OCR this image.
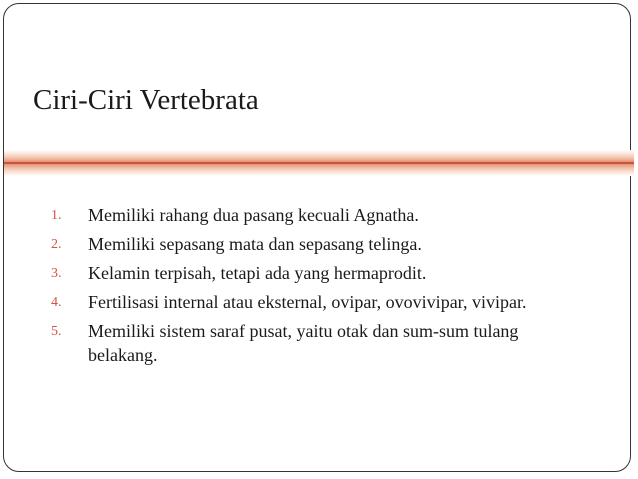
Ciri-Ciri Vertebrata
1.	Memiliki rahang dua pasang kecuali Agnatha.
2.	Memiliki sepasang mata dan sepasang telinga.
3.	Kelamin terpisah, tetapi ada yang hermaprodit.
4.	Fertilisasi internal atau eksternal, ovipar, ovovivipar, vivipar.
5.	Memiliki sistem saraf pusat, yaitu otak dan sum-sum tulang belakang.
